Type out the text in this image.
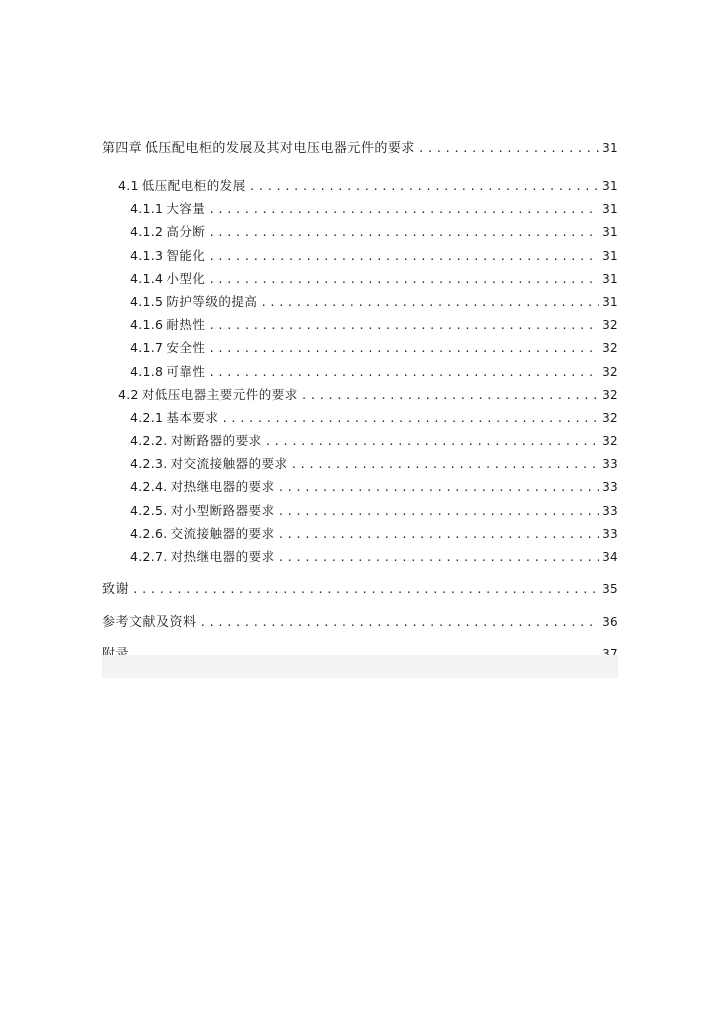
第四章 低压配电柜的发展及其对电压电器元件的要求 .....	31
4.1 低压配电柜的发展 .....	31
4.1.1 大容量 .....	31
4.1.2 高分断 .....	31
4.1.3 智能化 .....	31
4.1.4 小型化 .....	31
4.1.5 防护等级的提高 .....	31
4.1.6 耐热性 .....	32
4.1.7 安全性 .....	32
4.1.8 可靠性 .....	32
4.2 对低压电器主要元件的要求 .....	32
4.2.1 基本要求 .....	32
4.2.2. 对断路器的要求 .....	32
4.2.3. 对交流接触器的要求 .....	33
4.2.4. 对热继电器的要求 .....	33
4.2.5. 对小型断路器要求 .....	33
4.2.6. 交流接触器的要求 .....	33
4.2.7. 对热继电器的要求 .....	34
致谢 .....	35
参考文献及资料 .....	36
.....
